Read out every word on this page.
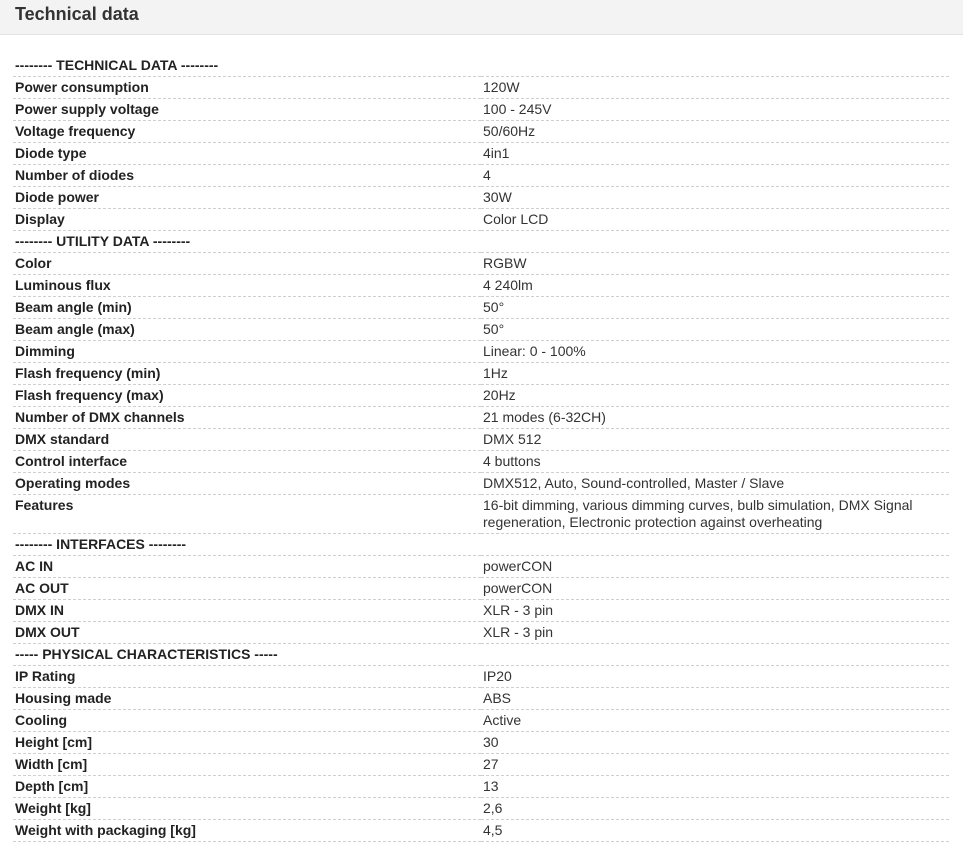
Technical data
-------- TECHNICAL DATA --------	
Power consumption	120W
Power supply voltage	100 - 245V
Voltage frequency	50/60Hz
Diode type	4in1
Number of diodes	4
Diode power	30W
Display	Color LCD
-------- UTILITY DATA --------	
Color	RGBW
Luminous flux	4 240lm
Beam angle (min)	50°
Beam angle (max)	50°
Dimming	Linear: 0 - 100%
Flash frequency (min)	1Hz
Flash frequency (max)	20Hz
Number of DMX channels	21 modes (6-32CH)
DMX standard	DMX 512
Control interface	4 buttons
Operating modes	DMX512, Auto, Sound-controlled, Master / Slave
Features	16-bit dimming, various dimming curves, bulb simulation, DMX Signal regeneration, Electronic protection against overheating
-------- INTERFACES --------	
AC IN	powerCON
AC OUT	powerCON
DMX IN	XLR - 3 pin
DMX OUT	XLR - 3 pin
----- PHYSICAL CHARACTERISTICS -----	
IP Rating	IP20
Housing made	ABS
Cooling	Active
Height [cm]	30
Width [cm]	27
Depth [cm]	13
Weight [kg]	2,6
Weight with packaging [kg]	4,5
